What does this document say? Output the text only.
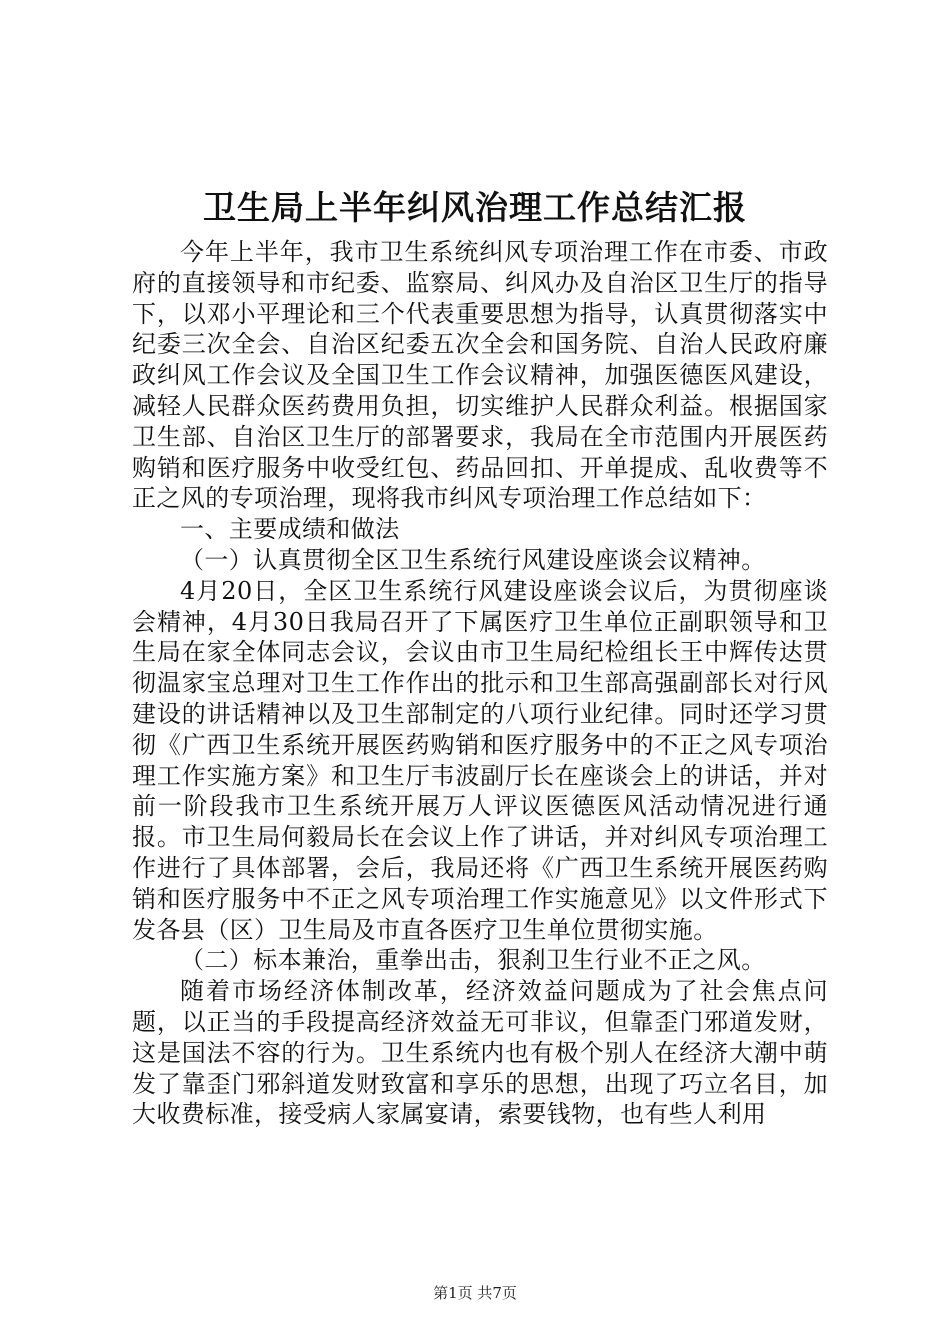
卫生局上半年纠风治理工作总结汇报

今年上半年，我市卫生系统纠风专项治理工作在市委、市政府的直接领导和市纪委、监察局、纠风办及自治区卫生厅的指导下，以邓小平理论和三个代表重要思想为指导，认真贯彻落实中纪委三次全会、自治区纪委五次全会和国务院、自治人民政府廉政纠风工作会议及全国卫生工作会议精神，加强医德医风建设，减轻人民群众医药费用负担，切实维护人民群众利益。根据国家卫生部、自治区卫生厅的部署要求，我局在全市范围内开展医药购销和医疗服务中收受红包、药品回扣、开单提成、乱收费等不正之风的专项治理，现将我市纠风专项治理工作总结如下：

一、主要成绩和做法

（一）认真贯彻全区卫生系统行风建设座谈会议精神。

4月20日，全区卫生系统行风建设座谈会议后，为贯彻座谈会精神，4月30日我局召开了下属医疗卫生单位正副职领导和卫生局在家全体同志会议，会议由市卫生局纪检组长王中辉传达贯彻温家宝总理对卫生工作作出的批示和卫生部高强副部长对行风建设的讲话精神以及卫生部制定的八项行业纪律。同时还学习贯彻《广西卫生系统开展医药购销和医疗服务中的不正之风专项治理工作实施方案》和卫生厅韦波副厅长在座谈会上的讲话，并对前一阶段我市卫生系统开展万人评议医德医风活动情况进行通报。市卫生局何毅局长在会议上作了讲话，并对纠风专项治理工作进行了具体部署，会后，我局还将《广西卫生系统开展医药购销和医疗服务中不正之风专项治理工作实施意见》以文件形式下发各县（区）卫生局及市直各医疗卫生单位贯彻实施。

（二）标本兼治，重拳出击，狠刹卫生行业不正之风。

随着市场经济体制改革，经济效益问题成为了社会焦点问题，以正当的手段提高经济效益无可非议，但靠歪门邪道发财，这是国法不容的行为。卫生系统内也有极个别人在经济大潮中萌发了靠歪门邪斜道发财致富和享乐的思想，出现了巧立名目，加大收费标准，接受病人家属宴请，索要钱物，也有些人利用

第1页 共7页
